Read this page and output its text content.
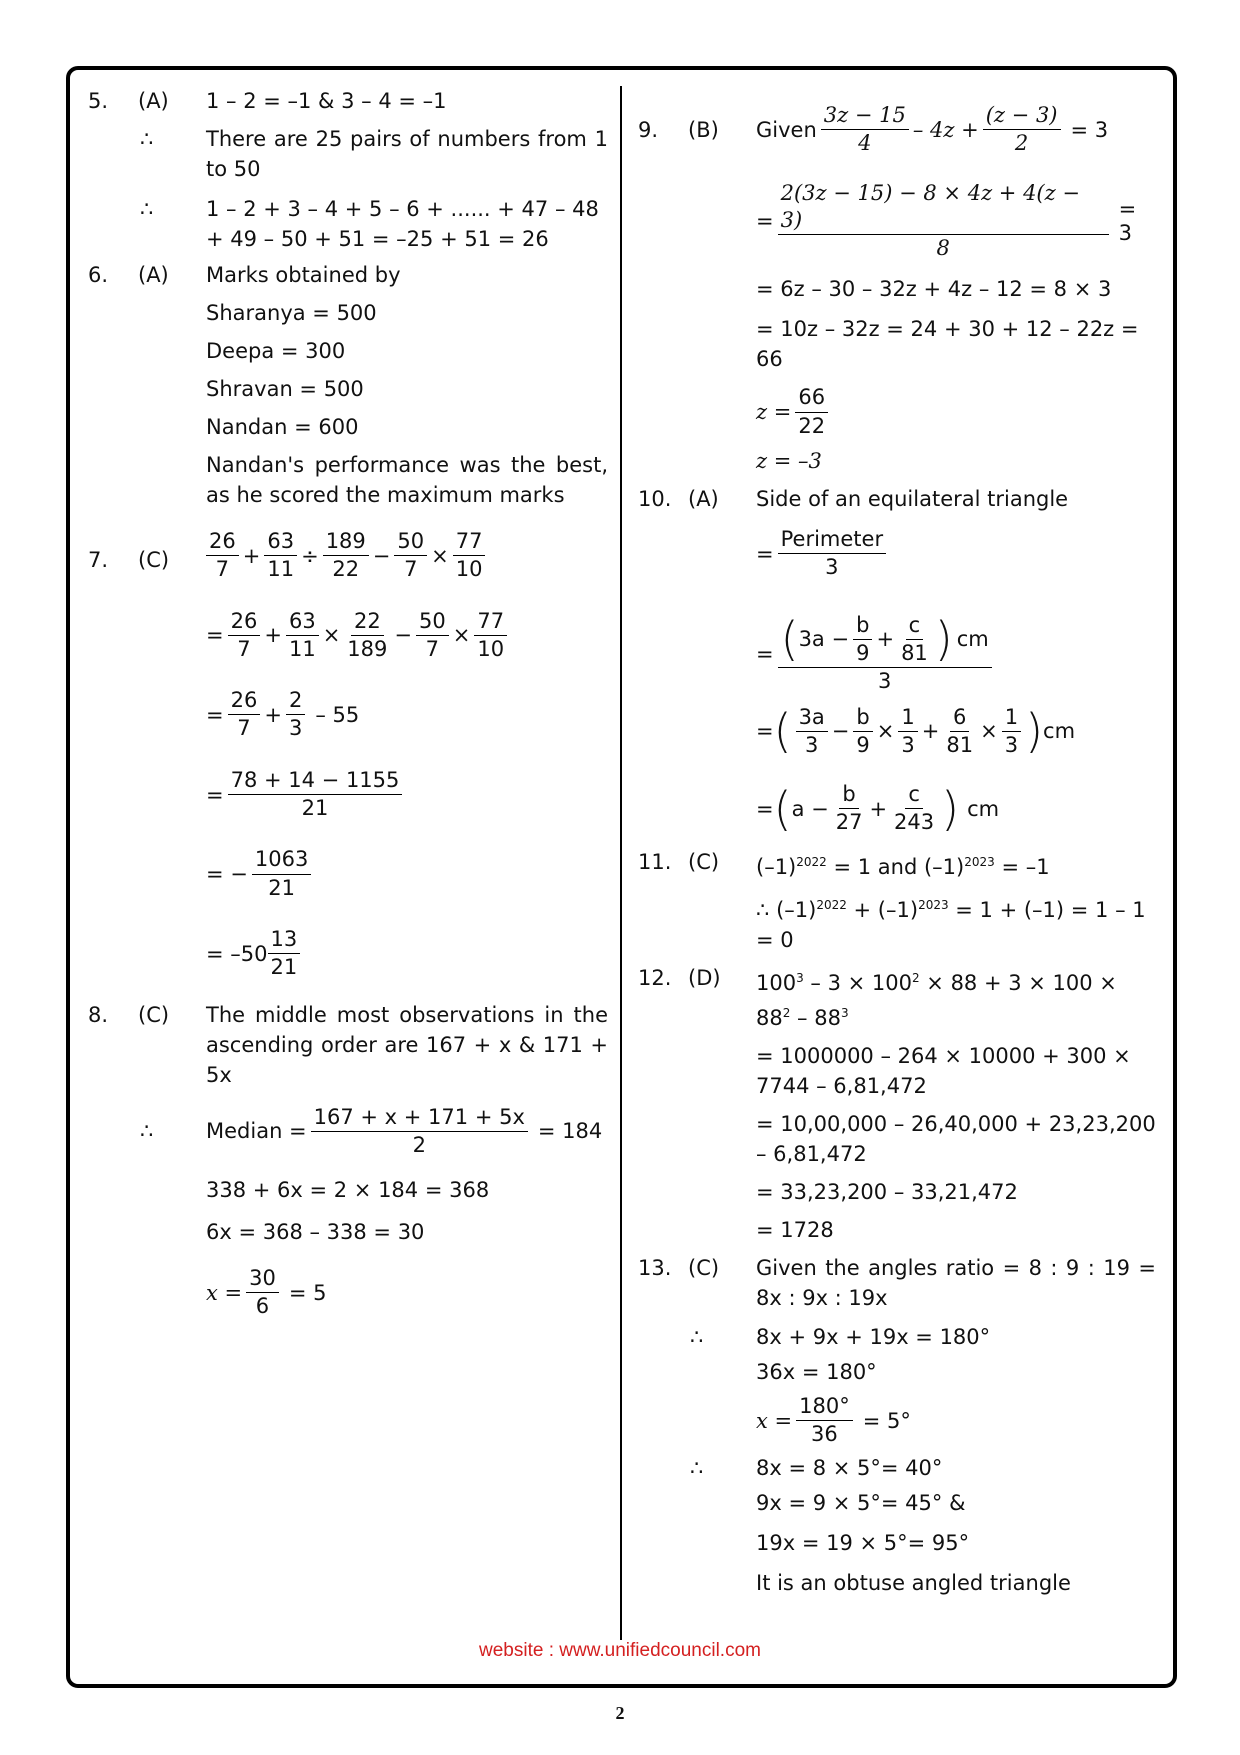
5.	(A)	1 – 2 = –1 & 3 – 4 = –1
∴	There are 25 pairs of numbers from 1 to 50
∴	1 – 2 + 3 – 4 + 5 – 6 + ...... + 47 – 48 + 49 – 50 + 51 = –25 + 51 = 26
6.	(A)	Marks obtained by
Sharanya = 500
Deepa = 300
Shravan = 500
Nandan = 600
Nandan's performance was the best, as he scored the maximum marks
7.	(C)	$\frac{26}{7} + \frac{63}{11} \div \frac{189}{22} - \frac{50}{7} \times \frac{77}{10}$
= $\frac{26}{7} + \frac{63}{11} \times \frac{22}{189} - \frac{50}{7} \times \frac{77}{10}$
= $\frac{26}{7} + \frac{2}{3} - 55$
= $\frac{78 + 14 - 1155}{21}$
= − $\frac{1063}{21}$
= $-50 \frac{13}{21}$
8.	(C)	The middle most observations in the ascending order are 167 + x & 171 + 5x
∴	Median = $\frac{167 + x + 171 + 5x}{2} = 184$
338 + 6x = 2 × 184 = 368
6x = 368 – 338 = 30
$x = \frac{30}{6} = 5$
9.	(B)	Given $\frac{3z - 15}{4} - 4z + \frac{(z - 3)}{2} = 3$
= $\frac{2(3z - 15) - 8 \times 4z + 4(z - 3)}{8} = 3$
= 6z – 30 – 32z + 4z – 12 = 8 × 3
= 10z – 32z = 24 + 30 + 12 – 22z = 66
$z = \frac{66}{22}$
z = –3
10. (A)	Side of an equilateral triangle
= $\frac{\text{Perimeter}}{3}$
= $\frac{( 3a - \frac{b}{9} + \frac{c}{81} ) cm}{3}$
= ( $\frac{3a}{3} - \frac{b}{9} \times \frac{1}{3} + \frac{6}{81} \times \frac{1}{3}$ ) cm
= ( $a - \frac{b}{27} + \frac{c}{243}$ ) cm
11. (C)	$(-1)^{2022} = 1$ and $(-1)^{2023} = -1$
∴ $(-1)^{2022} + (-1)^{2023} = 1 + (-1) = 1 - 1 = 0$
12. (D)	$100^3 - 3 \times 100^2 \times 88 + 3 \times 100 \times 88^2 - 88^3$
= 1000000 – 264 × 10000 + 300 × 7744 – 6,81,472
= 10,00,000 – 26,40,000 + 23,23,200 – 6,81,472
= 33,23,200 – 33,21,472
= 1728
13. (C)	Given the angles ratio = 8 : 9 : 19 = 8x : 9x : 19x
∴	8x + 9x + 19x = 180°
36x = 180°
$x = \frac{180^\circ}{36} = 5^\circ$
∴	8x = 8 × 5°= 40°
9x = 9 × 5°= 45° &
19x = 19 × 5°= 95°
It is an obtuse angled triangle
website : www.unifiedcouncil.com
2
